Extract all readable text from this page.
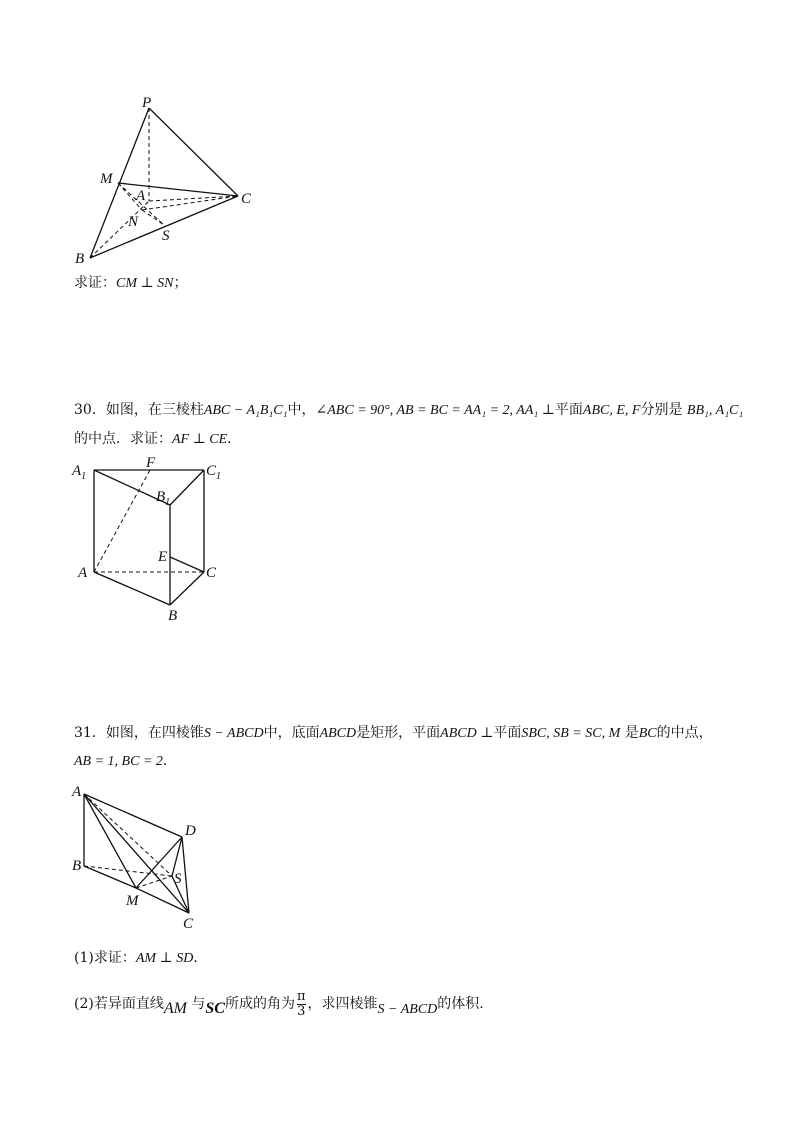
P
M
A	C
N
S
B
求证：CM ⊥ SN；
30．如图，在三棱柱ABC − A₁B₁C₁中，∠ABC = 90°, AB = BC = AA₁ = 2, AA₁ ⊥平面ABC, E, F分别是 BB₁, A₁C₁
的中点．求证：AF ⊥ CE．
$A_1$
F	$C_1$
$B_1$
E
A	C
B
31．如图，在四棱锥S − ABCD中，底面ABCD是矩形，平面ABCD ⊥平面SBC, SB = SC, M 是BC的中点，
AB = 1, BC = 2．
A
D
B
S
M
C
(1)求证：AM ⊥ SD．
(2)若异面直线AM 与SC所成的角为 $\frac{\pi}{3}$ ，求四棱锥S − ABCD的体积.
